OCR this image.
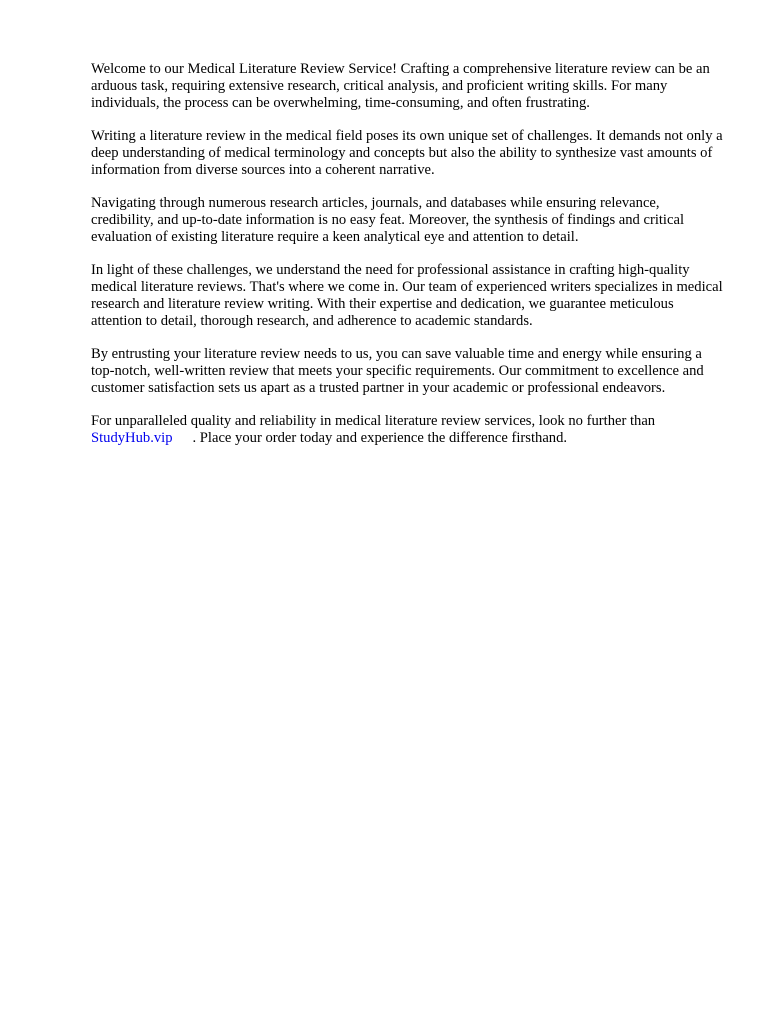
Welcome to our Medical Literature Review Service! Crafting a comprehensive literature review can be an arduous task, requiring extensive research, critical analysis, and proficient writing skills. For many individuals, the process can be overwhelming, time-consuming, and often frustrating.

Writing a literature review in the medical field poses its own unique set of challenges. It demands not only a deep understanding of medical terminology and concepts but also the ability to synthesize vast amounts of information from diverse sources into a coherent narrative.

Navigating through numerous research articles, journals, and databases while ensuring relevance, credibility, and up-to-date information is no easy feat. Moreover, the synthesis of findings and critical evaluation of existing literature require a keen analytical eye and attention to detail.

In light of these challenges, we understand the need for professional assistance in crafting high-quality medical literature reviews. That's where we come in. Our team of experienced writers specializes in medical research and literature review writing. With their expertise and dedication, we guarantee meticulous attention to detail, thorough research, and adherence to academic standards.

By entrusting your literature review needs to us, you can save valuable time and energy while ensuring a top-notch, well-written review that meets your specific requirements. Our commitment to excellence and customer satisfaction sets us apart as a trusted partner in your academic or professional endeavors.

For unparalleled quality and reliability in medical literature review services, look no further than StudyHub.vip . Place your order today and experience the difference firsthand.
